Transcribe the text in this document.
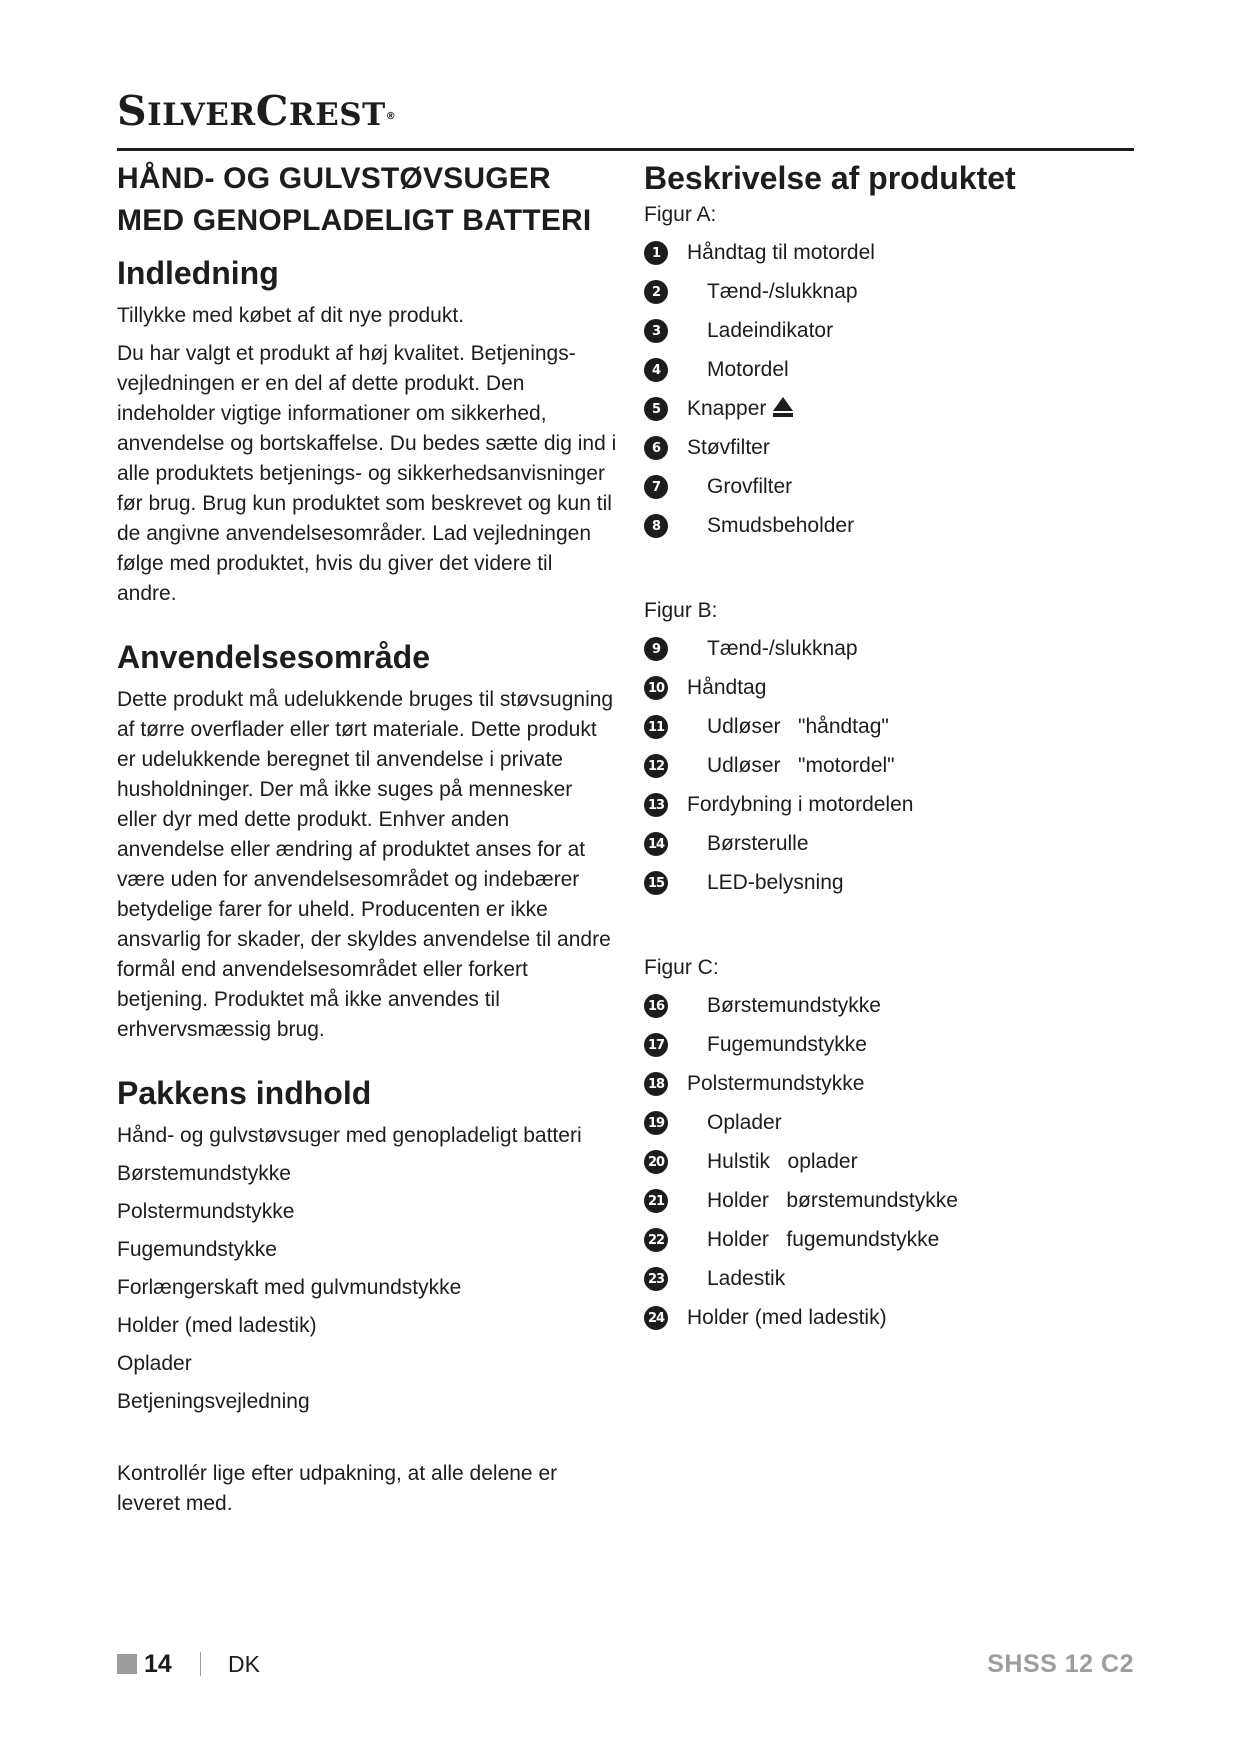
SILVERCREST®
HÅND- OG GULVSTØVSUGER
MED GENOPLADELIGT BATTERI
Indledning

Tillykke med købet af dit nye produkt.

Du har valgt et produkt af høj kvalitet. Betjeningsvejledningen er en del af dette produkt. Den indeholder vigtige informationer om sikkerhed, anvendelse og bortskaffelse. Du bedes sætte dig ind i alle produktets betjenings- og sikkerhedsanvisninger før brug. Brug kun produktet som beskrevet og kun til de angivne anvendelsesområder. Lad vejledningen følge med produktet, hvis du giver det videre til andre.

Anvendelsesområde

Dette produkt må udelukkende bruges til støvsugning af tørre overflader eller tørt materiale. Dette produkt er udelukkende beregnet til anvendelse i private husholdninger. Der må ikke suges på mennesker eller dyr med dette produkt. Enhver anden anvendelse eller ændring af produktet anses for at være uden for anvendelsesområdet og indebærer betydelige farer for uheld. Producenten er ikke ansvarlig for skader, der skyldes anvendelse til andre formål end anvendelsesområdet eller forkert betjening. Produktet må ikke anvendes til erhvervsmæssig brug.

Pakkens indhold
Hånd- og gulvstøvsuger med genopladeligt batteri
Børstemundstykke
Polstermundstykke
Fugemundstykke
Forlængerskaft med gulvmundstykke
Holder (med ladestik)
Oplader
Betjeningsvejledning

Kontrollér lige efter udpakning, at alle delene er leveret med.

Beskrivelse af produktet
Figur A:
1	Håndtag til motordel
2	Tænd-/slukknap
3	Ladeindikator
4	Motordel
5	Knapper
6	Støvfilter
7	Grovfilter
8	Smudsbeholder
Figur B:
9	Tænd-/slukknap
10 Håndtag
11 Udløser   "håndtag"
12 Udløser   "motordel"
13 Fordybning i motordelen
14 Børsterulle
15 LED-belysning
Figur C:
16 Børstemundstykke
17 Fugemundstykke
18 Polstermundstykke
19 Oplader
20 Hulstik   oplader
21 Holder   børstemundstykke
22 Holder   fugemundstykke
23 Ladestik
24 Holder (med ladestik)
14 DK	SHSS 12 C2
